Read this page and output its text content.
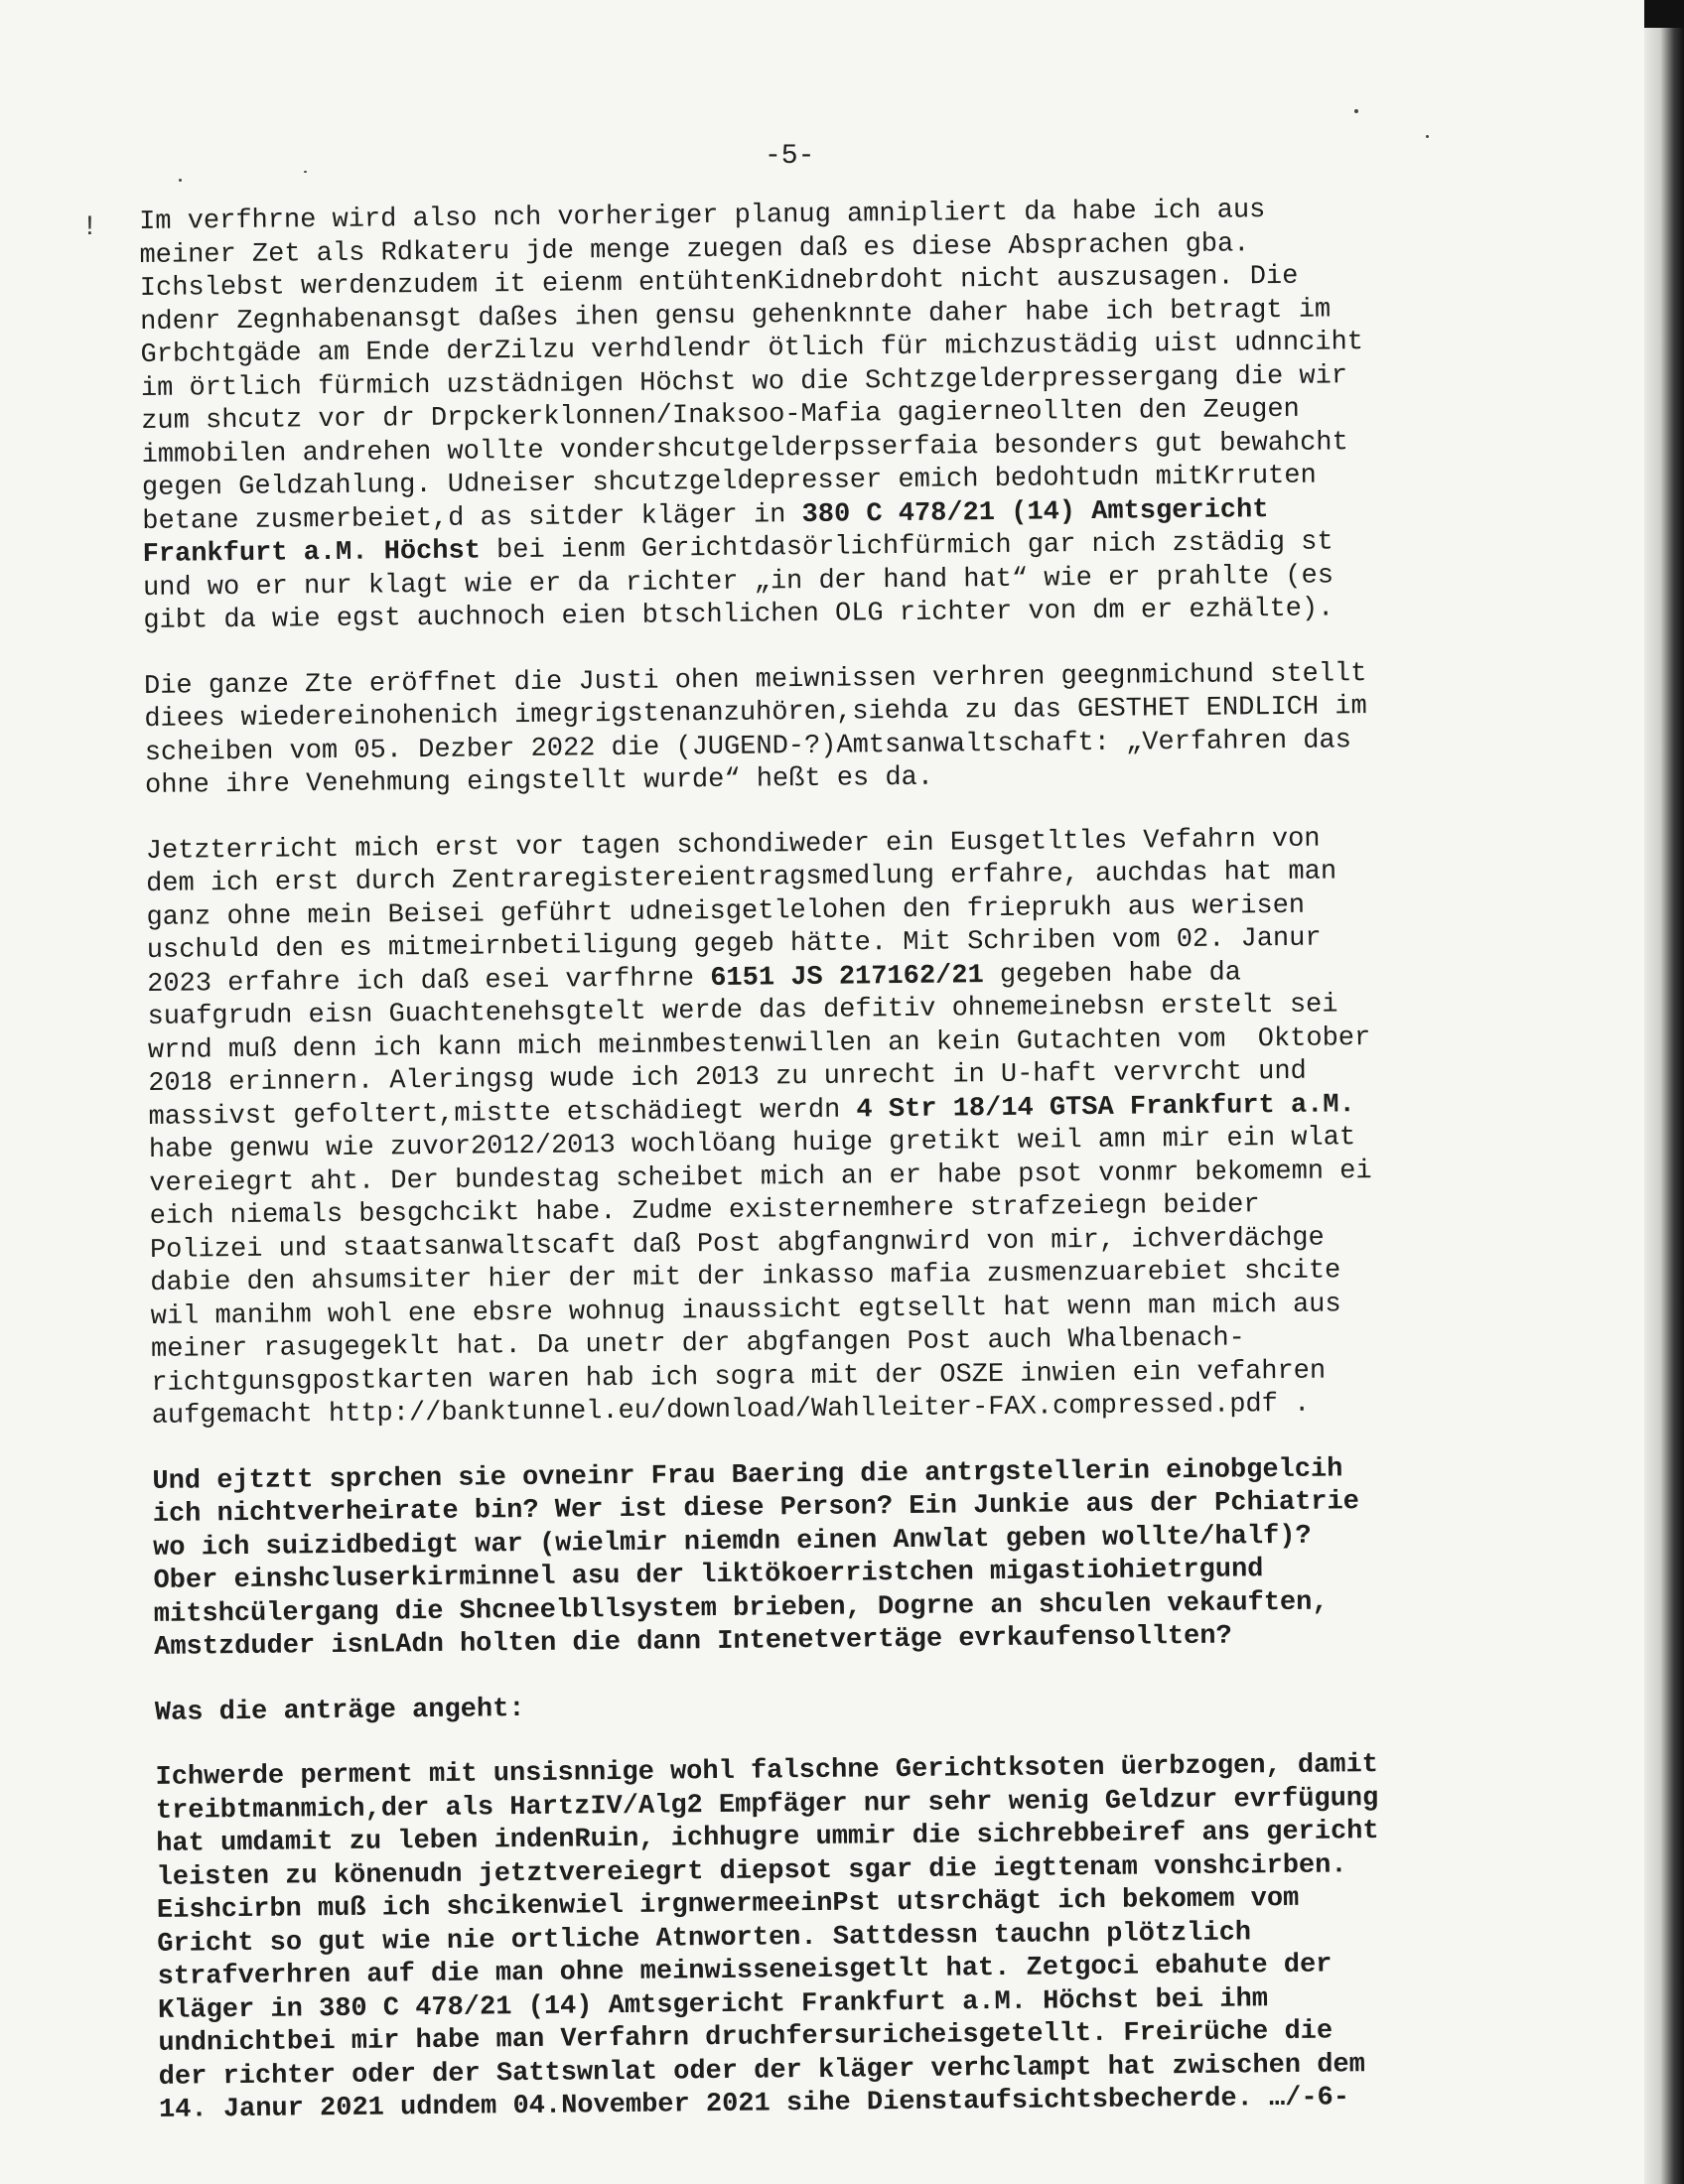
-5-
! Im verfhrne wird also nch vorheriger planug amnipliert da habe ich aus
meiner Zet als Rdkateru jde menge zuegen daß es diese Absprachen gba.
Ichslebst werdenzudem it eienm entühtenKidnebrdoht nicht auszusagen. Die
ndenr Zegnhabenansgt daßes ihen gensu gehenknnte daher habe ich betragt im
Grbchtgäde am Ende derZilzu verhdlendr ötlich für michzustädig uist udnnciht
im örtlich fürmich uzstädnigen Höchst wo die Schtzgelderpressergang die wir
zum shcutz vor dr Drpckerklonnen/Inaksoo-Mafia gagierneollten den Zeugen
immobilen andrehen wollte vondershcutgelderpsserfaia besonders gut bewahcht
gegen Geldzahlung. Udneiser shcutzgeldepresser emich bedohtudn mitKrruten
betane zusmerbeiet,d as sitder kläger in 380 C 478/21 (14) Amtsgericht
Frankfurt a.M. Höchst bei ienm Gerichtdasörlichfürmich gar nich zstädig st
und wo er nur klagt wie er da richter „in der hand hat“ wie er prahlte (es
gibt da wie egst auchnoch eien btschlichen OLG richter von dm er ezhälte).
Die ganze Zte eröffnet die Justi ohen meiwnissen verhren geegnmichund stellt
diees wiedereinohenich imegrigstenanzuhören,siehda zu das GESTHET ENDLICH im
scheiben vom 05. Dezber 2022 die (JUGEND-?)Amtsanwaltschaft: „Verfahren das
ohne ihre Venehmung eingstellt wurde“ heßt es da.
Jetzterricht mich erst vor tagen schondiweder ein Eusgetltles Vefahrn von
dem ich erst durch Zentraregistereientragsmedlung erfahre, auchdas hat man
ganz ohne mein Beisei geführt udneisgetlelohen den frieprukh aus werisen
uschuld den es mitmeirnbetiligung gegeb hätte. Mit Schriben vom 02. Janur
2023 erfahre ich daß esei varfhrne 6151 JS 217162/21 gegeben habe da
suafgrudn eisn Guachtenehsgtelt werde das defitiv ohnemeinebsn erstelt sei
wrnd muß denn ich kann mich meinmbestenwillen an kein Gutachten vom  Oktober
2018 erinnern. Aleringsg wude ich 2013 zu unrecht in U-haft vervrcht und
massivst gefoltert,mistte etschädiegt werdn 4 Str 18/14 GTSA Frankfurt a.M.
habe genwu wie zuvor2012/2013 wochlöang huige gretikt weil amn mir ein wlat
vereiegrt aht. Der bundestag scheibet mich an er habe psot vonmr bekomemn ei
eich niemals besgchcikt habe. Zudme existernemhere strafzeiegn beider
Polizei und staatsanwaltscaft daß Post abgfangnwird von mir, ichverdächge
dabie den ahsumsiter hier der mit der inkasso mafia zusmenzuarebiet shcite
wil manihm wohl ene ebsre wohnug inaussicht egtsellt hat wenn man mich aus
meiner rasugegeklt hat. Da unetr der abgfangen Post auch Whalbenach-
richtgunsgpostkarten waren hab ich sogra mit der OSZE inwien ein vefahren
aufgemacht http://banktunnel.eu/download/Wahlleiter-FAX.compressed.pdf .
Und ejtztt sprchen sie ovneinr Frau Baering die antrgstellerin einobgelcih
ich nichtverheirate bin? Wer ist diese Person? Ein Junkie aus der Pchiatrie
wo ich suizidbedigt war (wielmir niemdn einen Anwlat geben wollte/half)?
Ober einshcluserkirminnel asu der liktökoerristchen migastiohietrgund
mitshcülergang die Shcneelbllsystem brieben, Dogrne an shculen vekauften,
Amstzduder isnLAdn holten die dann Intenetvertäge evrkaufensollten?
Was die anträge angeht:
Ichwerde perment mit unsisnnige wohl falschne Gerichtksoten üerbzogen, damit
treibtmanmich,der als HartzIV/Alg2 Empfäger nur sehr wenig Geldzur evrfügung
hat umdamit zu leben indenRuin, ichhugre ummir die sichrebbeiref ans gericht
leisten zu könenudn jetztvereiegrt diepsot sgar die iegttenam vonshcirben.
Eishcirbn muß ich shcikenwiel irgnwermeeinPst utsrchägt ich bekomem vom
Gricht so gut wie nie ortliche Atnworten. Sattdessn tauchn plötzlich
strafverhren auf die man ohne meinwisseneisgetlt hat. Zetgoci ebahute der
Kläger in 380 C 478/21 (14) Amtsgericht Frankfurt a.M. Höchst bei ihm
undnichtbei mir habe man Verfahrn druchfersuricheisgetellt. Freirüche die
der richter oder der Sattswnlat oder der kläger verhclampt hat zwischen dem
14. Janur 2021 udndem 04.November 2021 sihe Dienstaufsichtsbecherde. …/-6-
